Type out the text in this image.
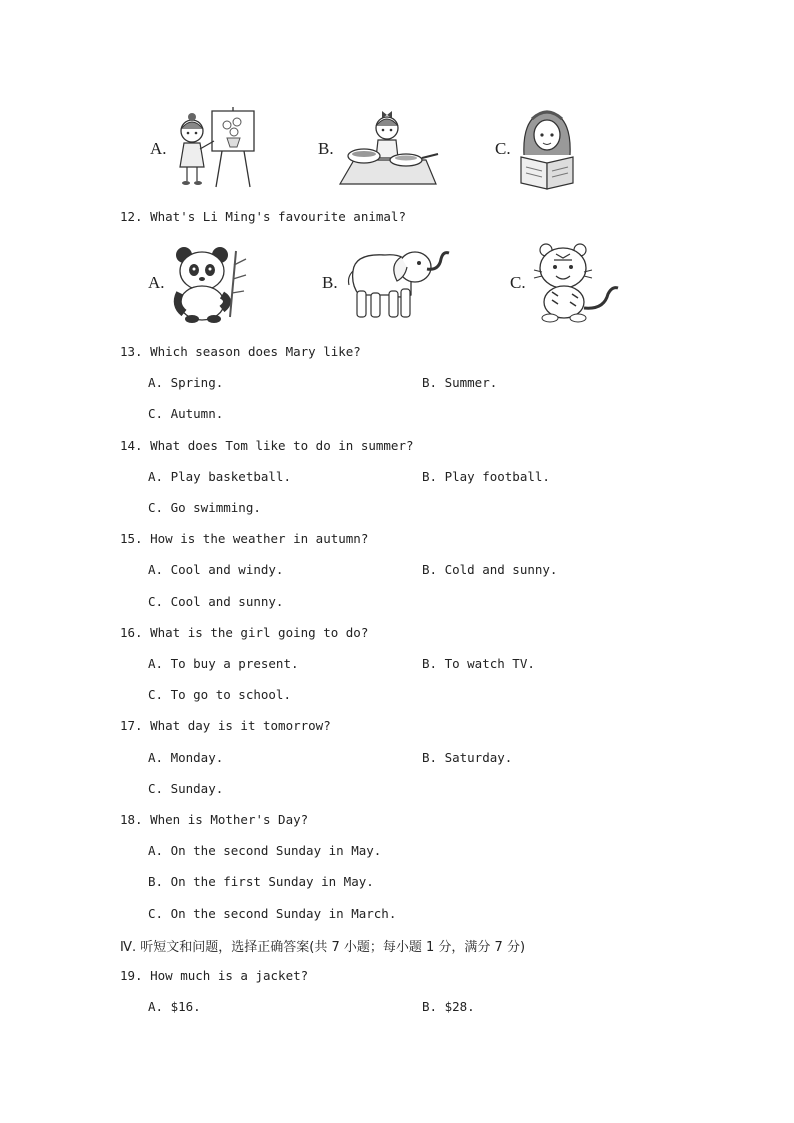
A.	B.	C.
12. What's Li Ming's favourite animal?
A.	B.	C.
13. Which season does Mary like?
A. Spring.	B. Summer.
C. Autumn.
14. What does Tom like to do in summer?
A. Play basketball.	B. Play football.
C. Go swimming.
15. How is the weather in autumn?
A. Cool and windy.	B. Cold and sunny.
C. Cool and sunny.
16. What is the girl going to do?
A. To buy a present.	B. To watch TV.
C. To go to school.
17. What day is it tomorrow?
A. Monday.	B. Saturday.
C. Sunday.
18. When is Mother's Day?
A. On the second Sunday in May.
B. On the first Sunday in May.
C. On the second Sunday in March.
Ⅳ. 听短文和问题，选择正确答案(共 7 小题；每小题 1 分，满分 7 分)
19. How much is a jacket?
A. $16.	B. $28.
